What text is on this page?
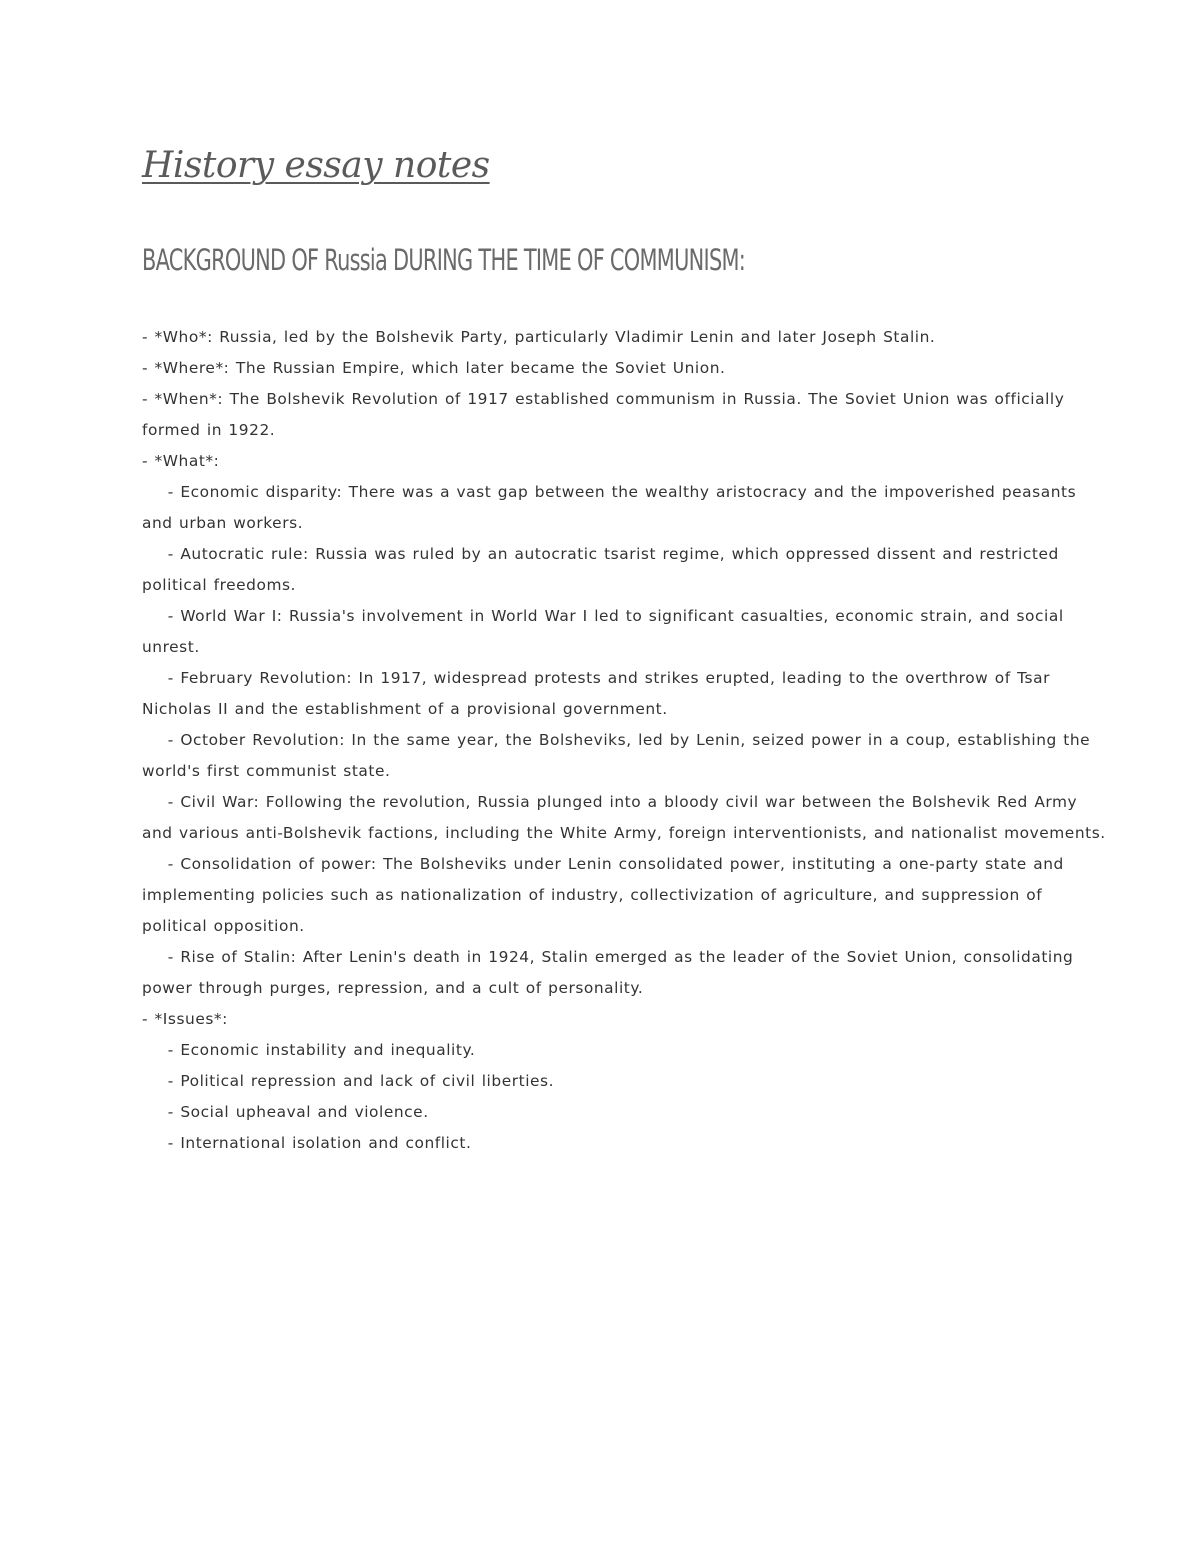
History essay notes
BACKGROUND OF Russia DURING THE TIME OF COMMUNISM:
- *Who*: Russia, led by the Bolshevik Party, particularly Vladimir Lenin and later Joseph Stalin.
- *Where*: The Russian Empire, which later became the Soviet Union.
- *When*: The Bolshevik Revolution of 1917 established communism in Russia. The Soviet Union was officially formed in 1922.
- *What*:
- Economic disparity: There was a vast gap between the wealthy aristocracy and the impoverished peasants and urban workers.
- Autocratic rule: Russia was ruled by an autocratic tsarist regime, which oppressed dissent and restricted political freedoms.
- World War I: Russia's involvement in World War I led to significant casualties, economic strain, and social unrest.
- February Revolution: In 1917, widespread protests and strikes erupted, leading to the overthrow of Tsar Nicholas II and the establishment of a provisional government.
- October Revolution: In the same year, the Bolsheviks, led by Lenin, seized power in a coup, establishing the world's first communist state.
- Civil War: Following the revolution, Russia plunged into a bloody civil war between the Bolshevik Red Army and various anti-Bolshevik factions, including the White Army, foreign interventionists, and nationalist movements.
- Consolidation of power: The Bolsheviks under Lenin consolidated power, instituting a one-party state and implementing policies such as nationalization of industry, collectivization of agriculture, and suppression of political opposition.
- Rise of Stalin: After Lenin's death in 1924, Stalin emerged as the leader of the Soviet Union, consolidating power through purges, repression, and a cult of personality.
- *Issues*:
- Economic instability and inequality.
- Political repression and lack of civil liberties.
- Social upheaval and violence.
- International isolation and conflict.
